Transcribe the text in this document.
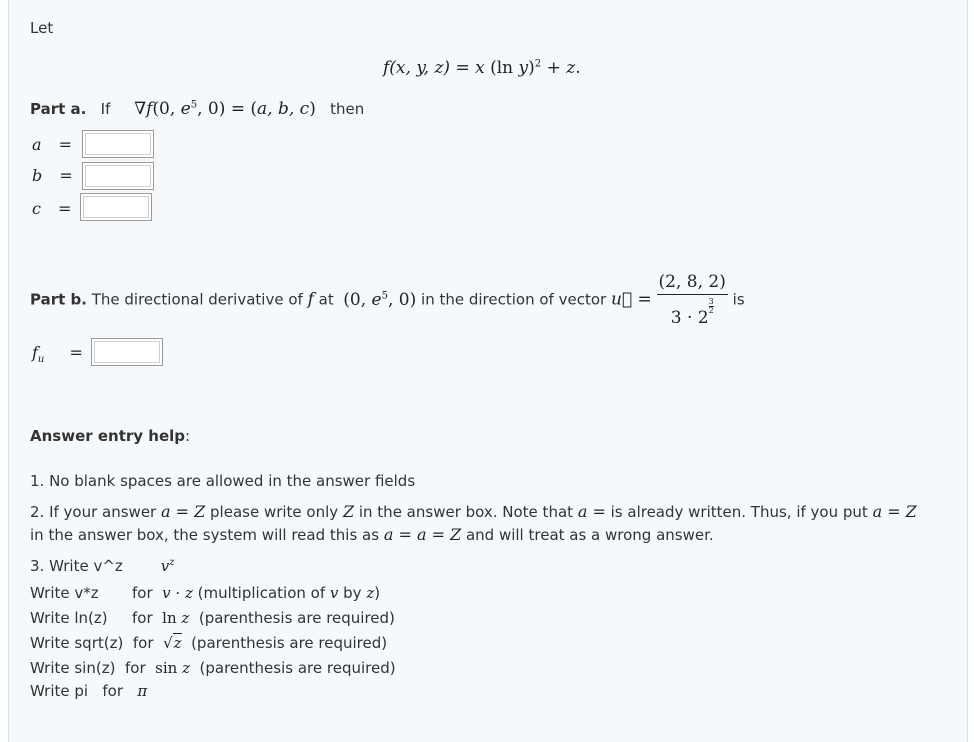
Let
f(x, y, z) = x (ln y)$^2$ + z.
Part a. If ∇f(0, $e^5$, 0) = (a, b, c) then
a =
b =
c =
Part b. The directional derivative of f at (0, $e^5$, 0) in the direction of vector u⃗ = (2, 8, 2)
3 · 2
$\frac{3}{2}$ is
$f_u$ =
Answer entry help:
1. No blank spaces are allowed in the answer fields
2. If your answer a = Z please write only Z in the answer box. Note that a = is already written. Thus, if you put a = Z
in the answer box, the system will read this as a = a = Z and will treat as a wrong answer.
3. Write v^z	$v^z$
Write v*z for v · z (multiplication of v by z)
Write ln(z) for ln z (parenthesis are required)
Write sqrt(z) for √z (parenthesis are required)
Write sin(z) for sin z (parenthesis are required)
Write pi for π
